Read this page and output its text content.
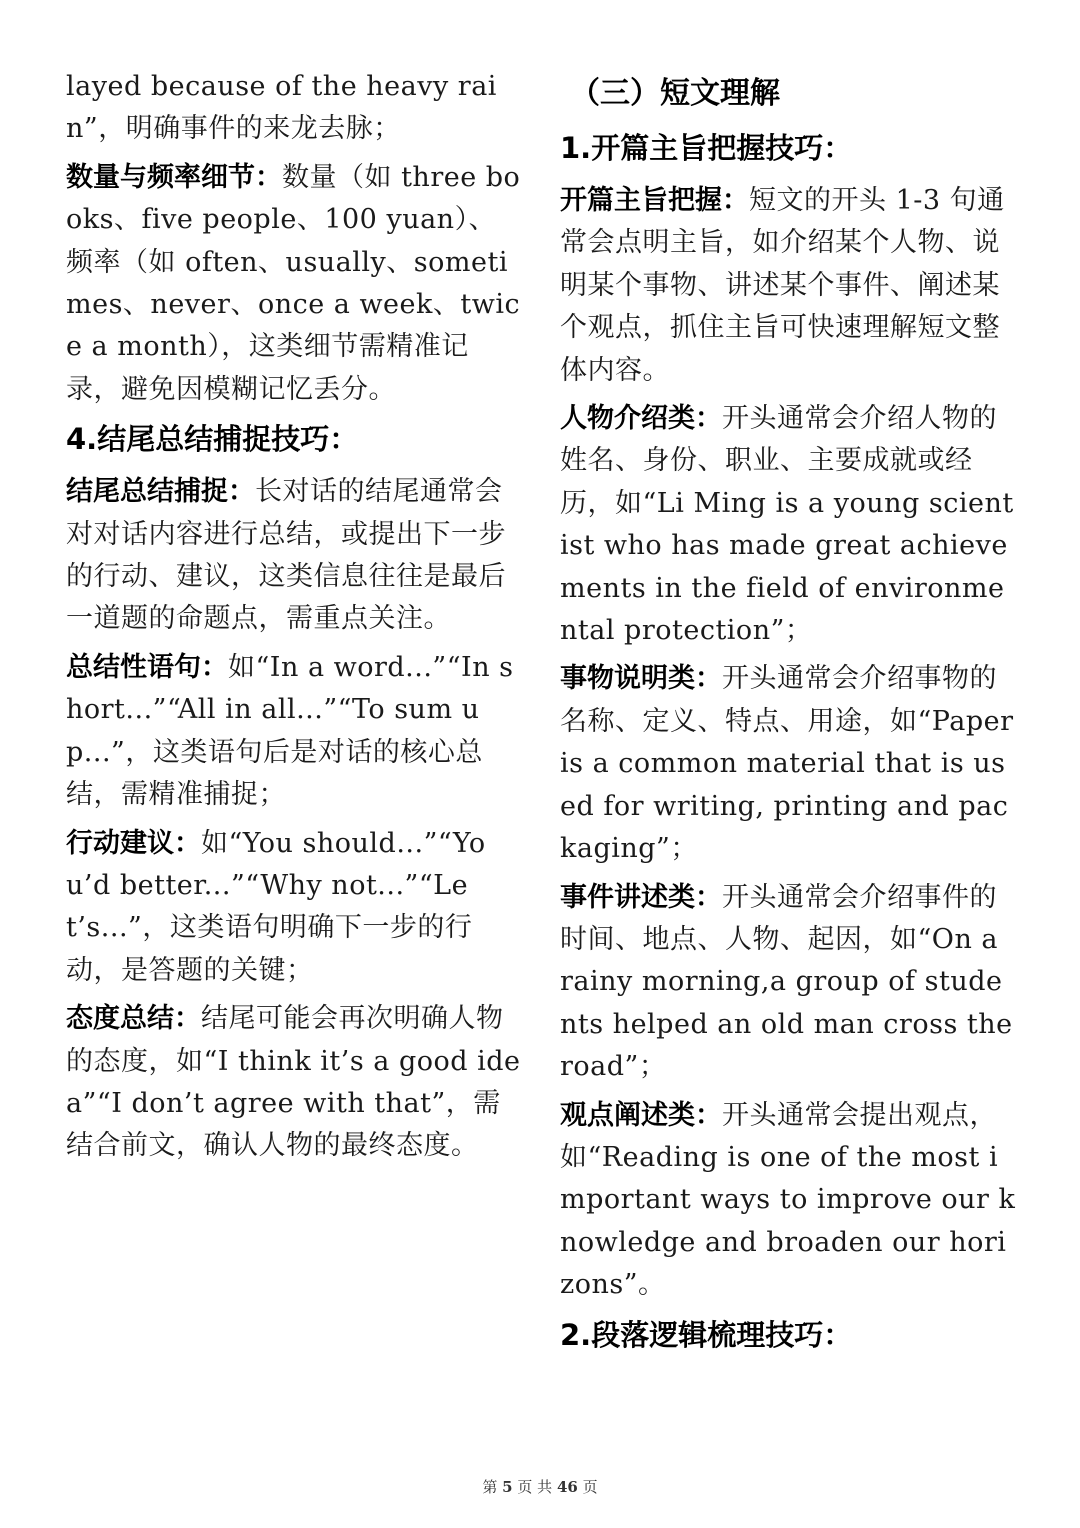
layed because of the heavy rain”，明确事件的来龙去脉；

数量与频率细节：数量（如 three books、five people、100 yuan）、频率（如 often、usually、sometimes、never、once a week、twice a month），这类细节需精准记录，避免因模糊记忆丢分。

4.结尾总结捕捉技巧：

结尾总结捕捉：长对话的结尾通常会对对话内容进行总结，或提出下一步的行动、建议，这类信息往往是最后一道题的命题点，需重点关注。

总结性语句：如“In a word...”“In short...”“All in all...”“To sum up...”，这类语句后是对话的核心总结，需精准捕捉；

行动建议：如“You should...”“You’d better...”“Why not...”“Let’s...”，这类语句明确下一步的行动，是答题的关键；

态度总结：结尾可能会再次明确人物的态度，如“I think it’s a good idea”“I don’t agree with that”，需结合前文，确认人物的最终态度。

（三）短文理解
1.开篇主旨把握技巧：

开篇主旨把握：短文的开头 1-3 句通常会点明主旨，如介绍某个人物、说明某个事物、讲述某个事件、阐述某个观点，抓住主旨可快速理解短文整体内容。

人物介绍类：开头通常会介绍人物的姓名、身份、职业、主要成就或经历，如“Li Ming is a young scientist who has made great achievements in the field of environmental protection”；

事物说明类：开头通常会介绍事物的名称、定义、特点、用途，如“Paper is a common material that is used for writing, printing and packaging”；

事件讲述类：开头通常会介绍事件的时间、地点、人物、起因，如“On a rainy morning,a group of students helped an old man cross the road”；

观点阐述类：开头通常会提出观点，如“Reading is one of the most important ways to improve our knowledge and broaden our horizons”。

2.段落逻辑梳理技巧：
第 5 页 共 46 页
